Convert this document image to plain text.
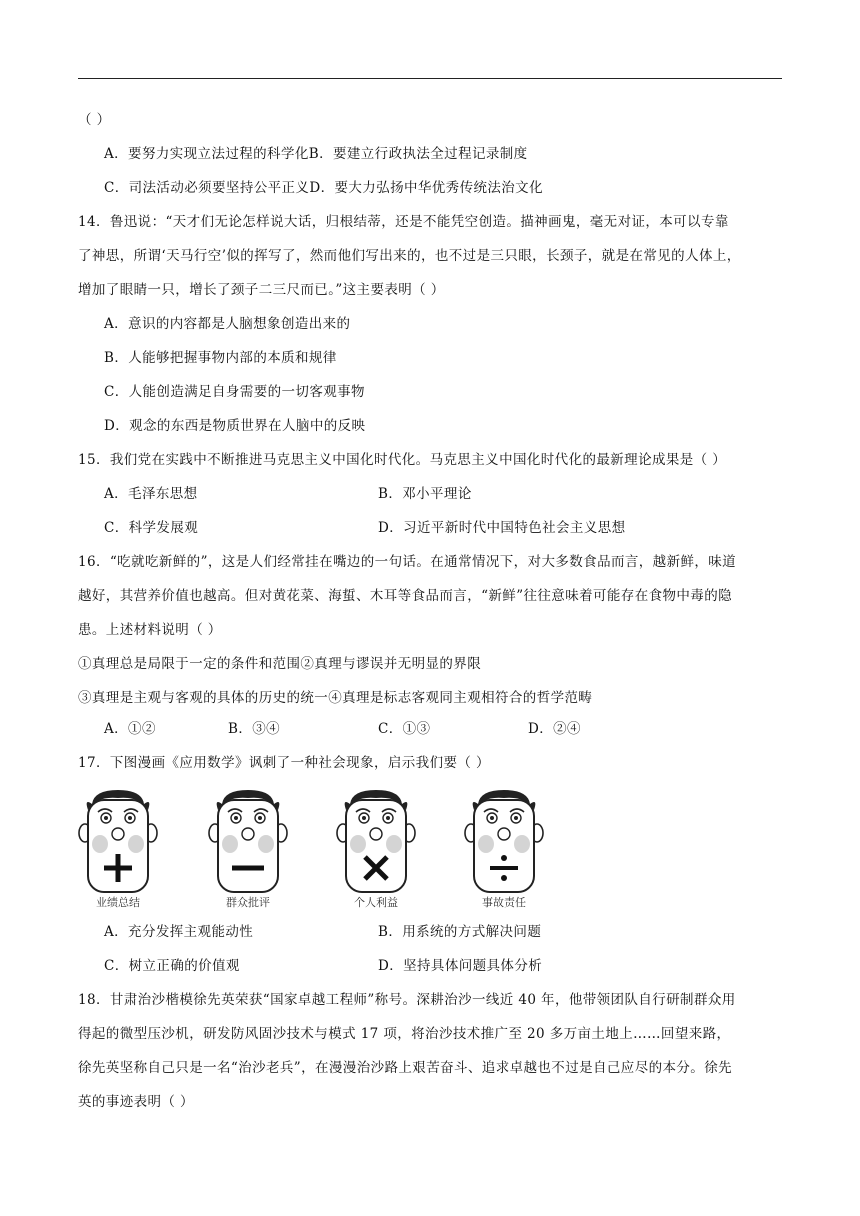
（ ）
A．要努力实现立法过程的科学化B．要建立行政执法全过程记录制度
C．司法活动必须要坚持公平正义D．要大力弘扬中华优秀传统法治文化
14．鲁迅说：“天才们无论怎样说大话，归根结蒂，还是不能凭空创造。描神画鬼，毫无对证，本可以专靠
了神思，所谓‘天马行空’似的挥写了，然而他们写出来的，也不过是三只眼，长颈子，就是在常见的人体上，
增加了眼睛一只，增长了颈子二三尺而已。”这主要表明（ ）
A．意识的内容都是人脑想象创造出来的
B．人能够把握事物内部的本质和规律
C．人能创造满足自身需要的一切客观事物
D．观念的东西是物质世界在人脑中的反映
15．我们党在实践中不断推进马克思主义中国化时代化。马克思主义中国化时代化的最新理论成果是（ ）
A．毛泽东思想	B．邓小平理论
C．科学发展观	D．习近平新时代中国特色社会主义思想
16．“吃就吃新鲜的”，这是人们经常挂在嘴边的一句话。在通常情况下，对大多数食品而言，越新鲜，味道
越好，其营养价值也越高。但对黄花菜、海蜇、木耳等食品而言，“新鲜”往往意味着可能存在食物中毒的隐
患。上述材料说明（ ）
①真理总是局限于一定的条件和范围②真理与谬误并无明显的界限
③真理是主观与客观的具体的历史的统一④真理是标志客观同主观相符合的哲学范畴
A．①②	B．③④	C．①③	D．②④
17．下图漫画《应用数学》讽刺了一种社会现象，启示我们要（ ）
业绩总结	群众批评	个人利益	事故责任
A．充分发挥主观能动性	B．用系统的方式解决问题
C．树立正确的价值观	D．坚持具体问题具体分析
18．甘肃治沙楷模徐先英荣获“国家卓越工程师”称号。深耕治沙一线近 40 年，他带领团队自行研制群众用
得起的微型压沙机，研发防风固沙技术与模式 17 项，将治沙技术推广至 20 多万亩土地上……回望来路，
徐先英坚称自己只是一名“治沙老兵”，在漫漫治沙路上艰苦奋斗、追求卓越也不过是自己应尽的本分。徐先
英的事迹表明（ ）
